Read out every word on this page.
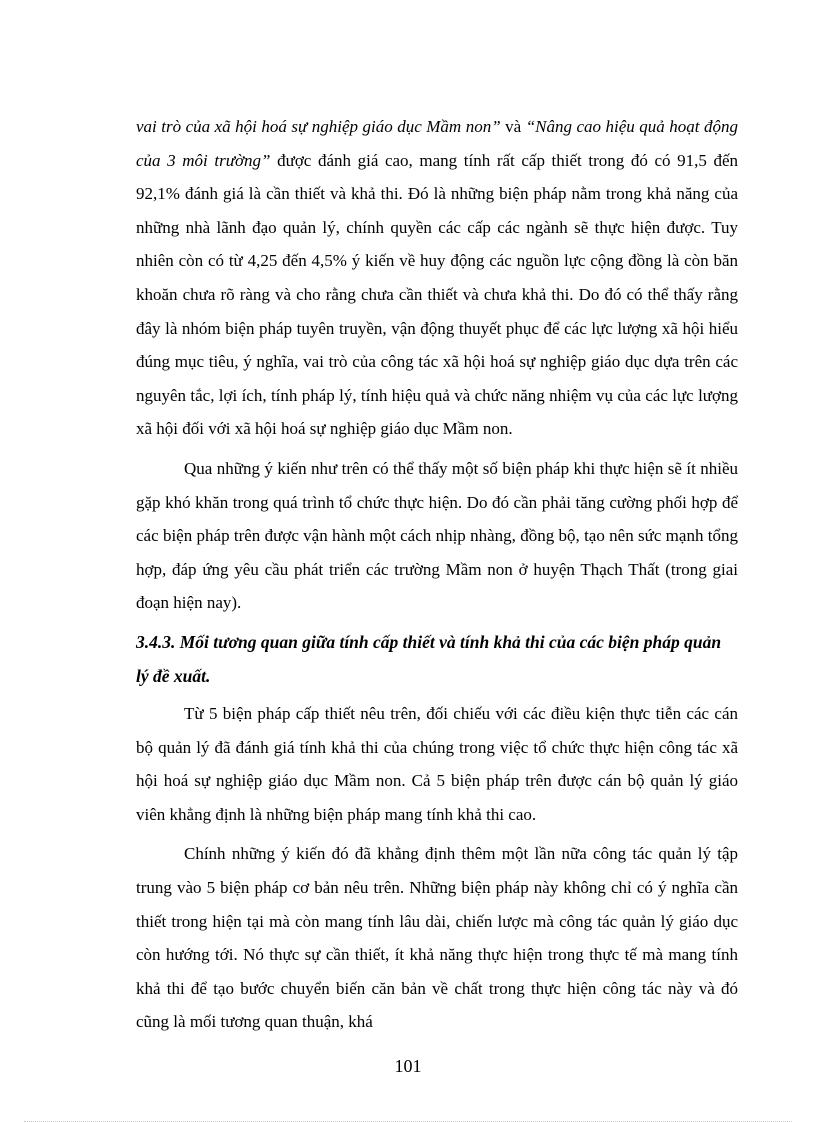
vai trò của xã hội hoá sự nghiệp giáo dục Mầm non” và “Nâng cao hiệu quả hoạt động của 3 môi trường” được đánh giá cao, mang tính rất cấp thiết trong đó có 91,5 đến 92,1% đánh giá là cần thiết và khả thi. Đó là những biện pháp nằm trong khả năng của những nhà lãnh đạo quản lý, chính quyền các cấp các ngành sẽ thực hiện được. Tuy nhiên còn có từ 4,25 đến 4,5% ý kiến về huy động các nguồn lực cộng đồng là còn băn khoăn chưa rõ ràng và cho rằng chưa cần thiết và chưa khả thi. Do đó có thể thấy rằng đây là nhóm biện pháp tuyên truyền, vận động thuyết phục để các lực lượng xã hội hiểu đúng mục tiêu, ý nghĩa, vai trò của công tác xã hội hoá sự nghiệp giáo dục dựa trên các nguyên tắc, lợi ích, tính pháp lý, tính hiệu quả và chức năng nhiệm vụ của các lực lượng xã hội đối với xã hội hoá sự nghiệp giáo dục Mầm non.

Qua những ý kiến như trên có thể thấy một số biện pháp khi thực hiện sẽ ít nhiều gặp khó khăn trong quá trình tổ chức thực hiện. Do đó cần phải tăng cường phối hợp để các biện pháp trên được vận hành một cách nhịp nhàng, đồng bộ, tạo nên sức mạnh tổng hợp, đáp ứng yêu cầu phát triển các trường Mầm non ở huyện Thạch Thất (trong giai đoạn hiện nay).

3.4.3. Mối tương quan giữa tính cấp thiết và tính khả thi của các biện pháp quản lý đề xuất.

Từ 5 biện pháp cấp thiết nêu trên, đối chiếu với các điều kiện thực tiễn các cán bộ quản lý đã đánh giá tính khả thi của chúng trong việc tổ chức thực hiện công tác xã hội hoá sự nghiệp giáo dục Mầm non. Cả 5 biện pháp trên được cán bộ quản lý giáo viên khẳng định là những biện pháp mang tính khả thi cao.

Chính những ý kiến đó đã khẳng định thêm một lần nữa công tác quản lý tập trung vào 5 biện pháp cơ bản nêu trên. Những biện pháp này không chỉ có ý nghĩa cần thiết trong hiện tại mà còn mang tính lâu dài, chiến lược mà công tác quản lý giáo dục còn hướng tới. Nó thực sự cần thiết, ít khả năng thực hiện trong thực tế mà mang tính khả thi để tạo bước chuyển biến căn bản về chất trong thực hiện công tác này và đó cũng là mối tương quan thuận, khá

101
